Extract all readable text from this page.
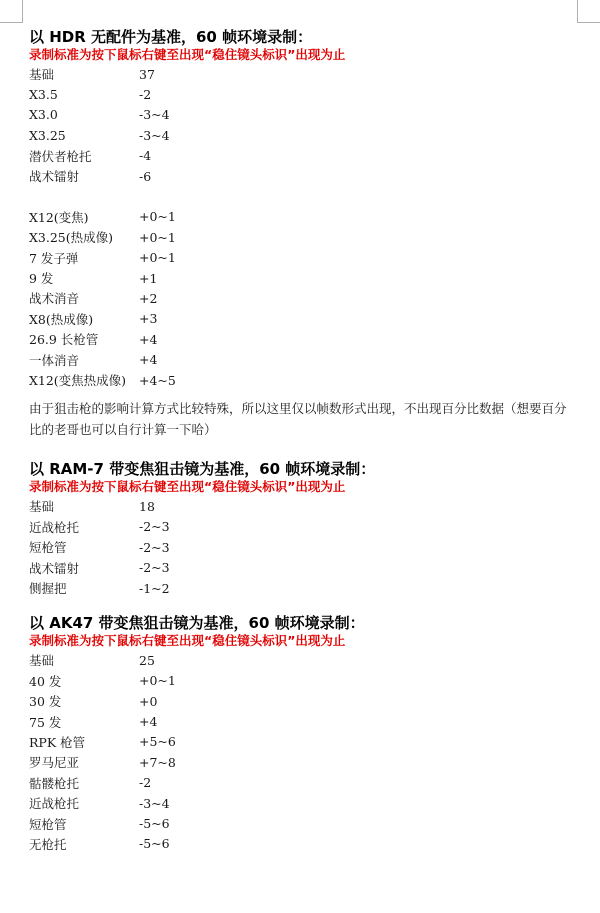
以 HDR 无配件为基准，60 帧环境录制：
录制标准为按下鼠标右键至出现“稳住镜头标识”出现为止
基础	37
X3.5	-2
X3.0	-3~4
X3.25	-3~4
潜伏者枪托	-4
战术镭射	-6
X12(变焦)	+0~1
X3.25(热成像)	+0~1
7 发子弹	+0~1
9 发	+1
战术消音	+2
X8(热成像)	+3
26.9 长枪管	+4
一体消音	+4
X12(变焦热成像)	+4~5
由于狙击枪的影响计算方式比较特殊，所以这里仅以帧数形式出现，不出现百分比数据（想要百分比的老哥也可以自行计算一下哈）
以 RAM-7 带变焦狙击镜为基准，60 帧环境录制：
录制标准为按下鼠标右键至出现“稳住镜头标识”出现为止
基础	18
近战枪托	-2~3
短枪管	-2~3
战术镭射	-2~3
侧握把	-1~2
以 AK47 带变焦狙击镜为基准，60 帧环境录制：
录制标准为按下鼠标右键至出现“稳住镜头标识”出现为止
基础	25
40 发	+0~1
30 发	+0
75 发	+4
RPK 枪管	+5~6
罗马尼亚	+7~8
骷髅枪托	-2
近战枪托	-3~4
短枪管	-5~6
无枪托	-5~6
